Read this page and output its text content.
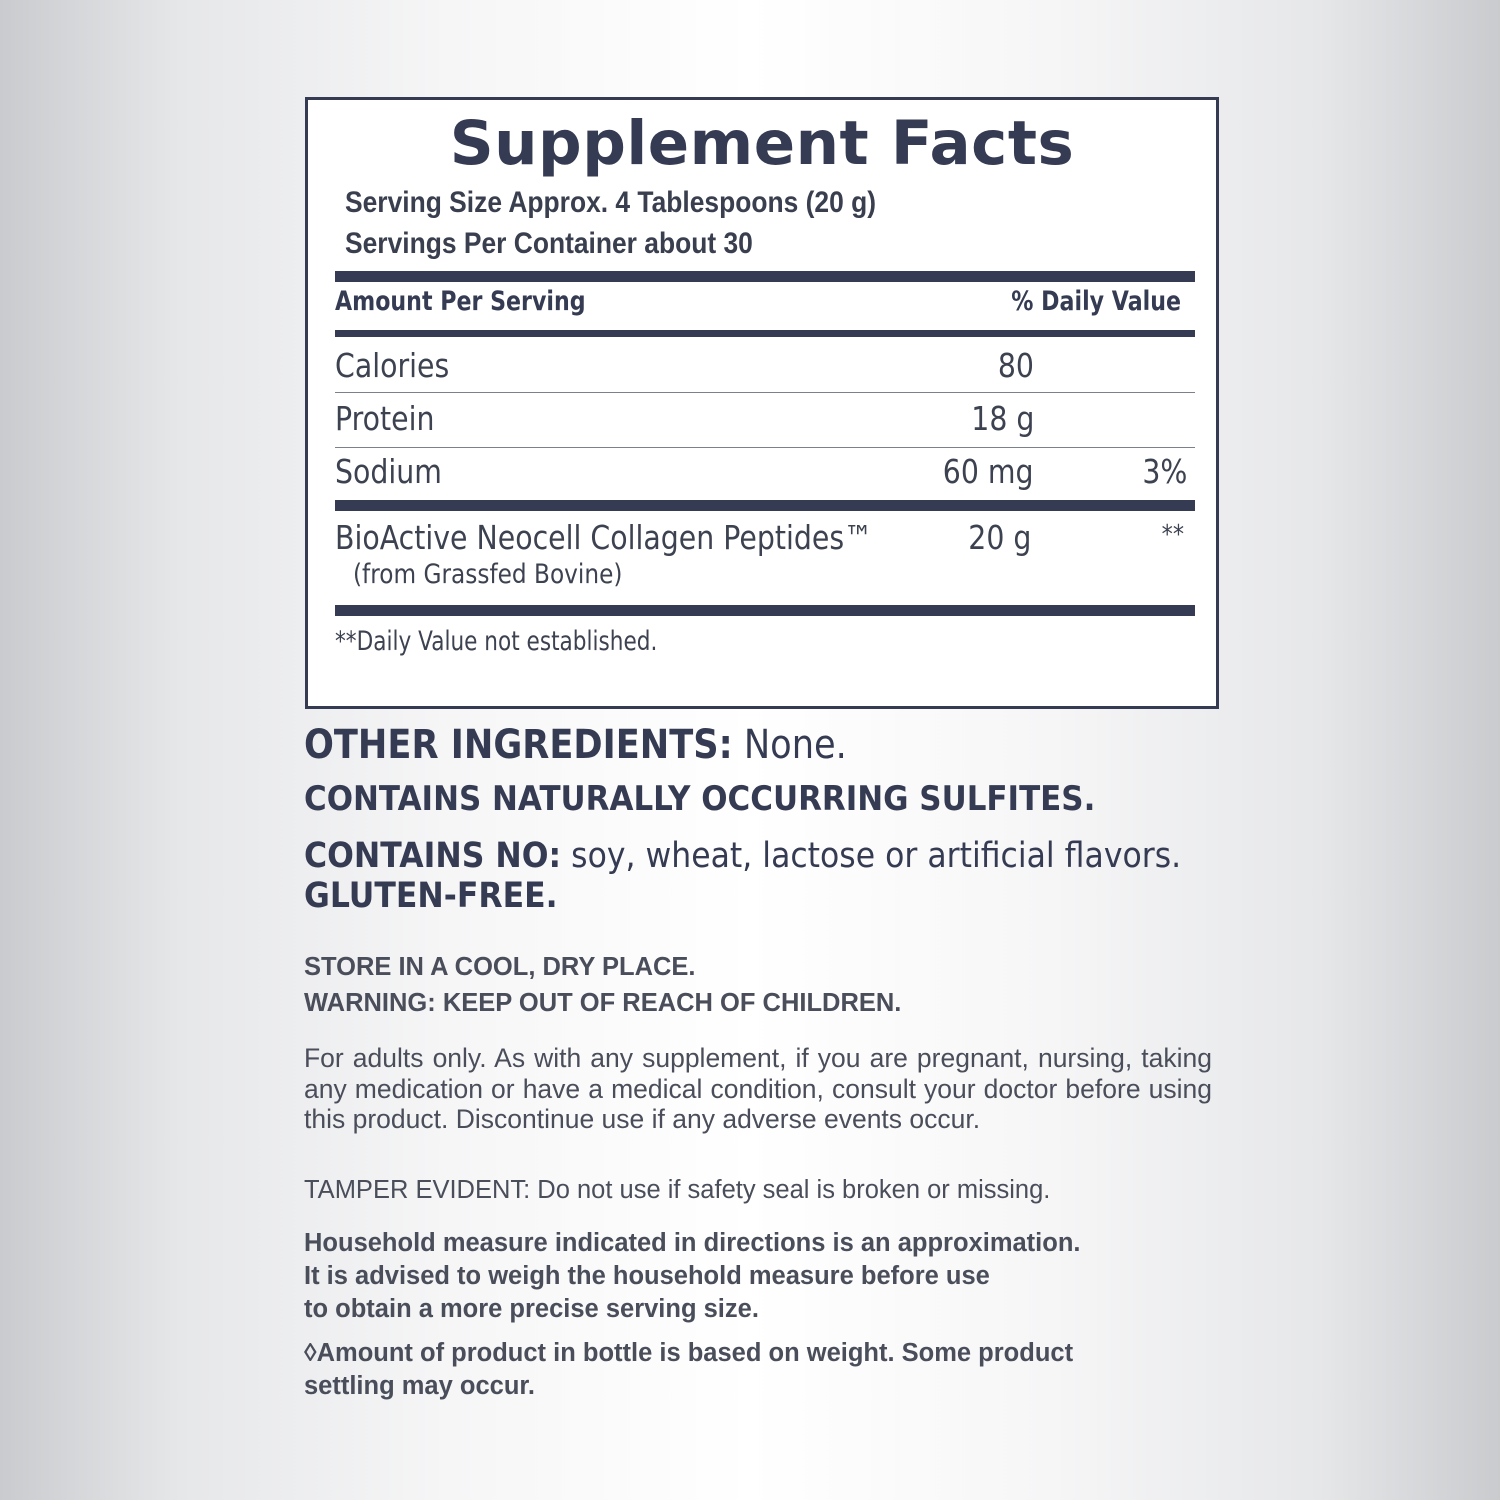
Supplement Facts
Serving Size Approx. 4 Tablespoons (20 g)
Servings Per Container about 30
Amount Per Serving	% Daily Value
Calories	80
Protein	18 g
Sodium	60 mg	3%
BioActive Neocell Collagen Peptides™
(from Grassfed Bovine)
20 g	**
**Daily Value not established.
OTHER INGREDIENTS: None.
CONTAINS NATURALLY OCCURRING SULFITES.
CONTAINS NO: soy, wheat, lactose or artificial flavors.
GLUTEN-FREE.
STORE IN A COOL, DRY PLACE.
WARNING: KEEP OUT OF REACH OF CHILDREN.
For adults only. As with any supplement, if you are pregnant, nursing, taking any medication or have a medical condition, consult your doctor before using this product. Discontinue use if any adverse events occur.
TAMPER EVIDENT: Do not use if safety seal is broken or missing.
Household measure indicated in directions is an approximation.
It is advised to weigh the household measure before use
to obtain a more precise serving size.
◊Amount of product in bottle is based on weight. Some product
settling may occur.
